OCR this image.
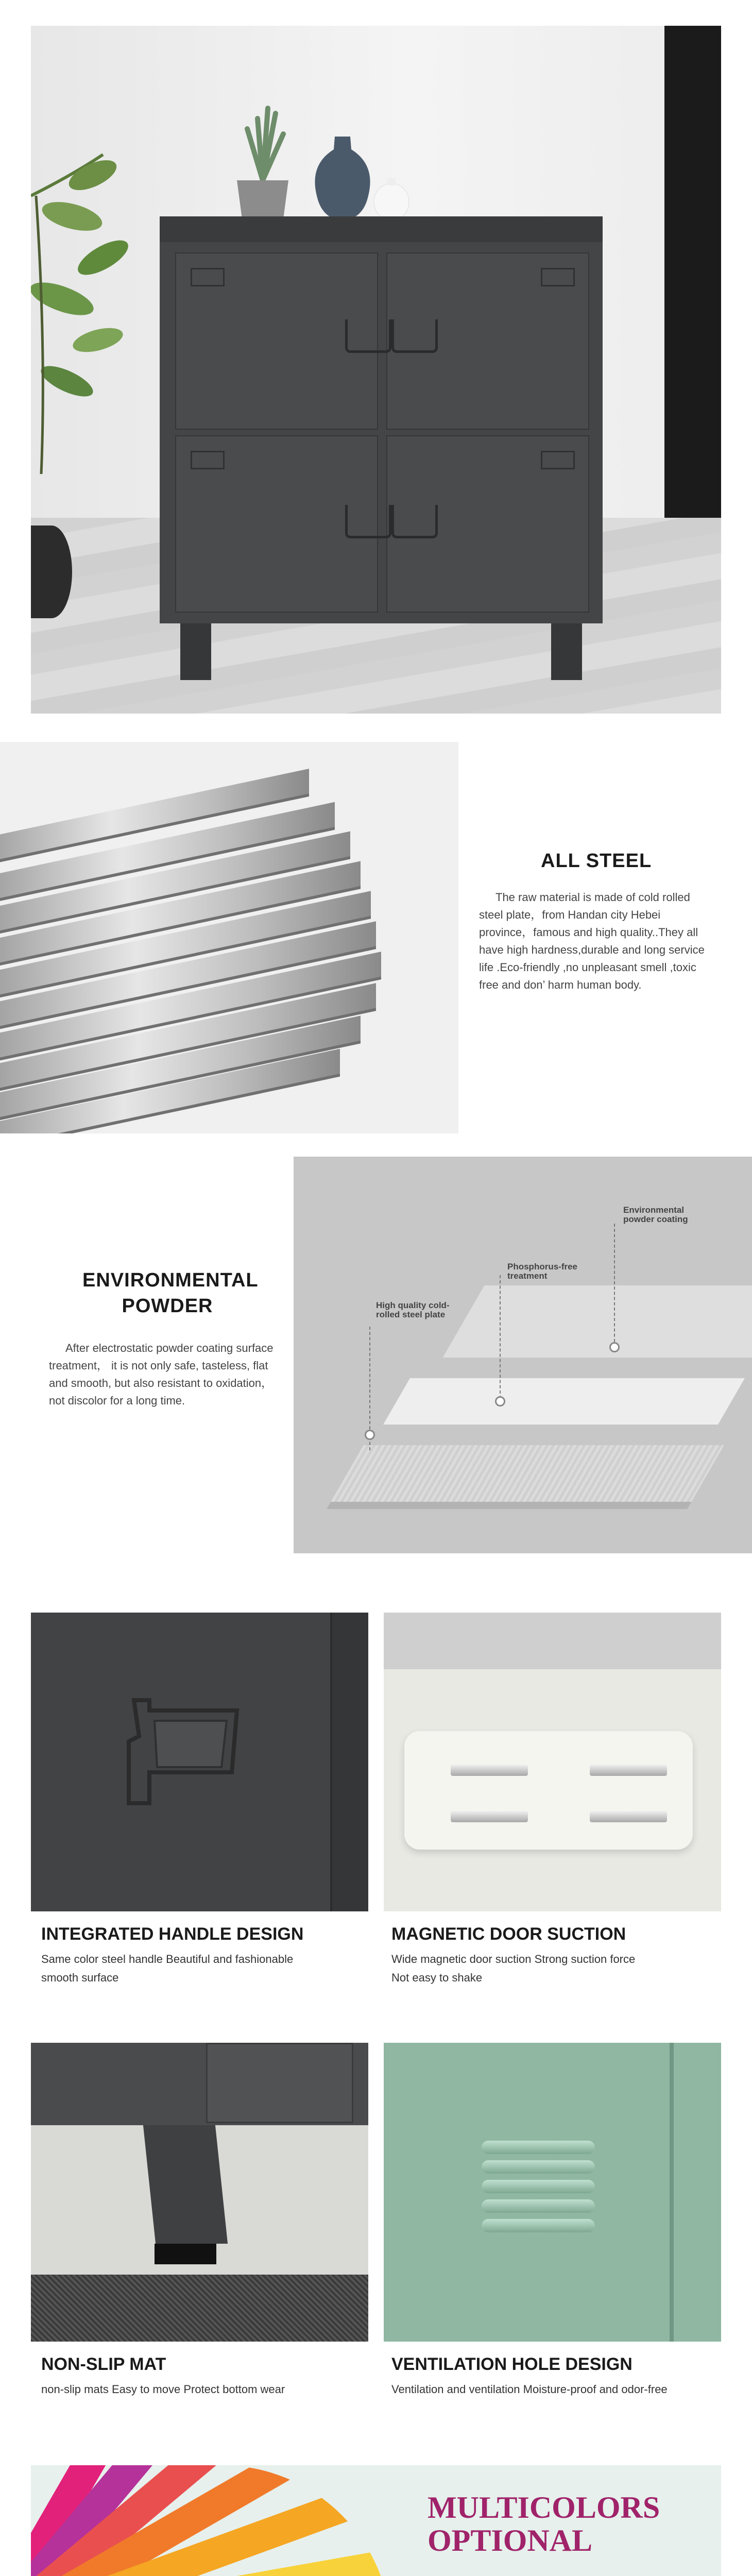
ALL STEEL
The raw material is made of cold rolled steel plate，from Handan city Hebei province，famous and high quality..They all have high hardness,durable and long service life .Eco-friendly ,no unpleasant smell ,toxic free and don’ harm human body.
ENVIRONMENTAL
POWDER
After electrostatic powder coating surface treatment， it is not only safe, tasteless, flat and smooth, but also resistant to oxidation，not discolor for a long time.
High quality cold-
rolled steel plate
Phosphorus-free
treatment
Environmental
powder coating
INTEGRATED HANDLE DESIGN
Same color steel handle Beautiful and fashionable
smooth surface
MAGNETIC DOOR SUCTION
Wide magnetic door suction Strong suction force
Not easy to shake
NON-SLIP MAT
non-slip mats Easy to move Protect bottom wear
VENTILATION HOLE DESIGN
Ventilation and ventilation Moisture-proof and odor-free
MULTICOLORS
OPTIONAL
